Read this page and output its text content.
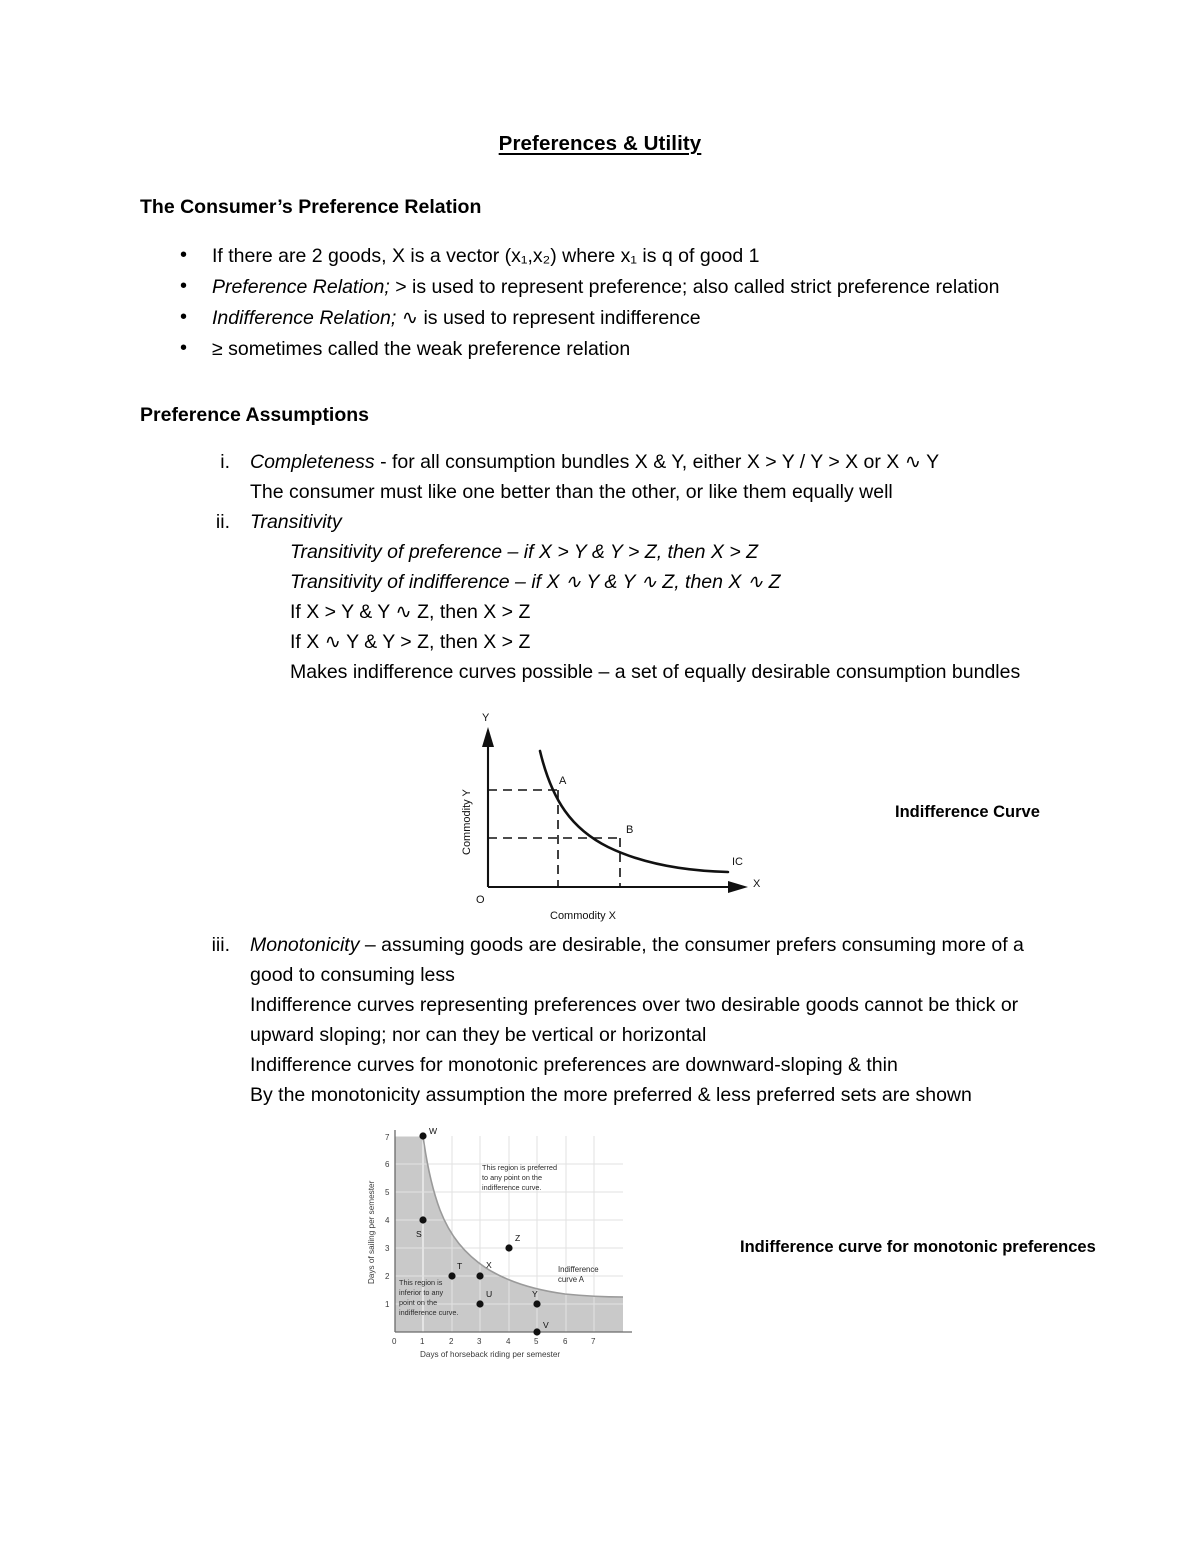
Preferences & Utility
The Consumer’s Preference Relation
• If there are 2 goods, X is a vector (x₁,x₂) where x₁ is q of good 1
• Preference Relation; > is used to represent preference; also called strict preference relation
• Indifference Relation; ∿ is used to represent indifference
• ≥ sometimes called the weak preference relation
Preference Assumptions
i. Completeness - for all consumption bundles X & Y, either X > Y / Y > X or X ∿ Y
The consumer must like one better than the other, or like them equally well
ii. Transitivity
Transitivity of preference – if X > Y & Y > Z, then X > Z
Transitivity of indifference – if X ∿ Y & Y ∿ Z, then X ∿ Z
If X > Y & Y ∿ Z, then X > Z
If X ∿ Y & Y > Z, then X > Z
Makes indifference curves possible – a set of equally desirable consumption bundles
A
B
IC
X
Y
O
Commodity X
Commodity Y	Indifference Curve
iii. Monotonicity – assuming goods are desirable, the consumer prefers consuming more of a good to consuming less
Indifference curves representing preferences over two desirable goods cannot be thick or upward sloping; nor can they be vertical or horizontal
Indifference curves for monotonic preferences are downward-sloping & thin
By the monotonicity assumption the more preferred & less preferred sets are shown
W
S
T	X
U
Z
Y
V
This region is preferred
to any point on the
indifference curve.
This region is
inferior to any
point on the
indifference curve.
Indifference
curve A
0	1	2	3	4	5	6	7
1
2
3
4
5
6
7
Days of horseback riding per semester
Days of sailing per semester	Indifference curve for monotonic preferences
